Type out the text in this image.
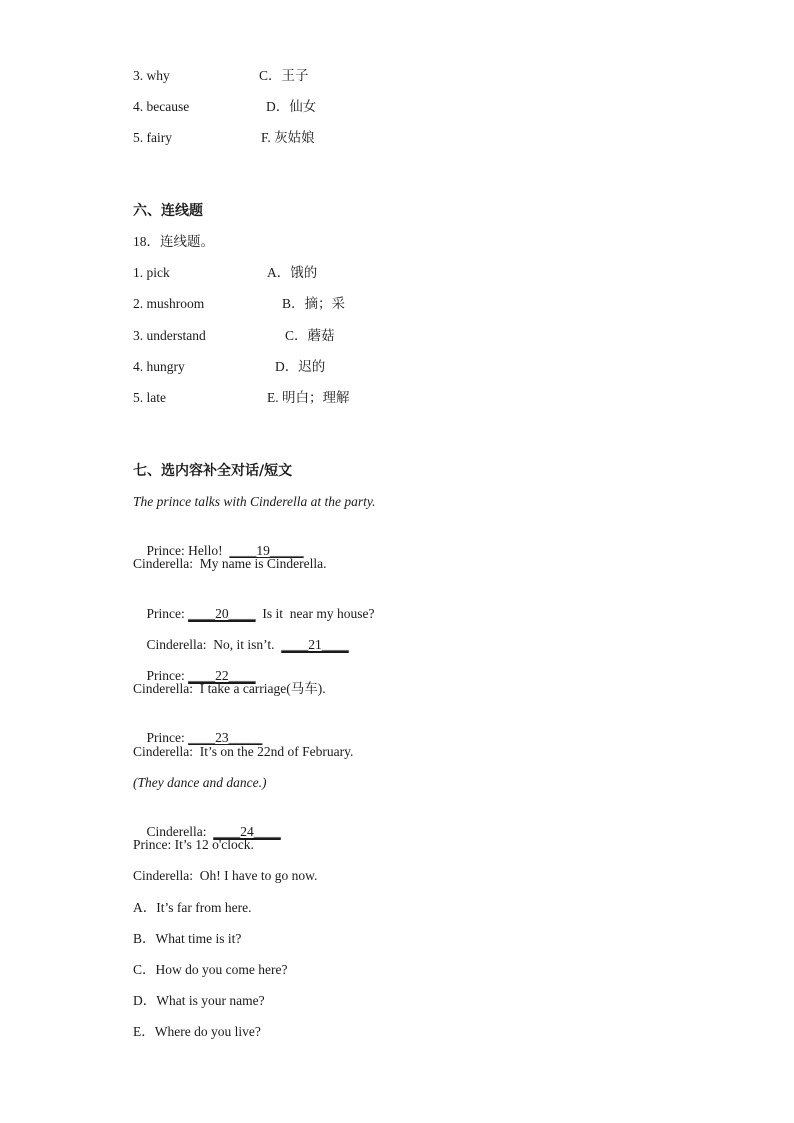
3. why	C．王子
4. because	D．仙女
5. fairy	F. 灰姑娘
六、连线题
18．连线题。
1. pick	A．饿的
2. mushroom	B．摘；采
3. understand	C．蘑菇
4. hungry	D．迟的
5. late	E. 明白；理解
七、选内容补全对话/短文
The prince talks with Cinderella at the party.

Prince: Hello!  ____19_____

Cinderella:  My name is Cinderella.

Prince: ____20____  Is it  near my house?

Cinderella:  No, it isn’t.  ____21____

Prince: ____22____

Cinderella:  I take a carriage(马车).

Prince: ____23_____

Cinderella:  It’s on the 22nd of February.
(They dance and dance.)

Cinderella:  ____24____

Prince: It’s 12 o'clock.
Cinderella:  Oh! I have to go now.
A．It’s far from here.
B．What time is it?
C．How do you come here?
D．What is your name?
E．Where do you live?
